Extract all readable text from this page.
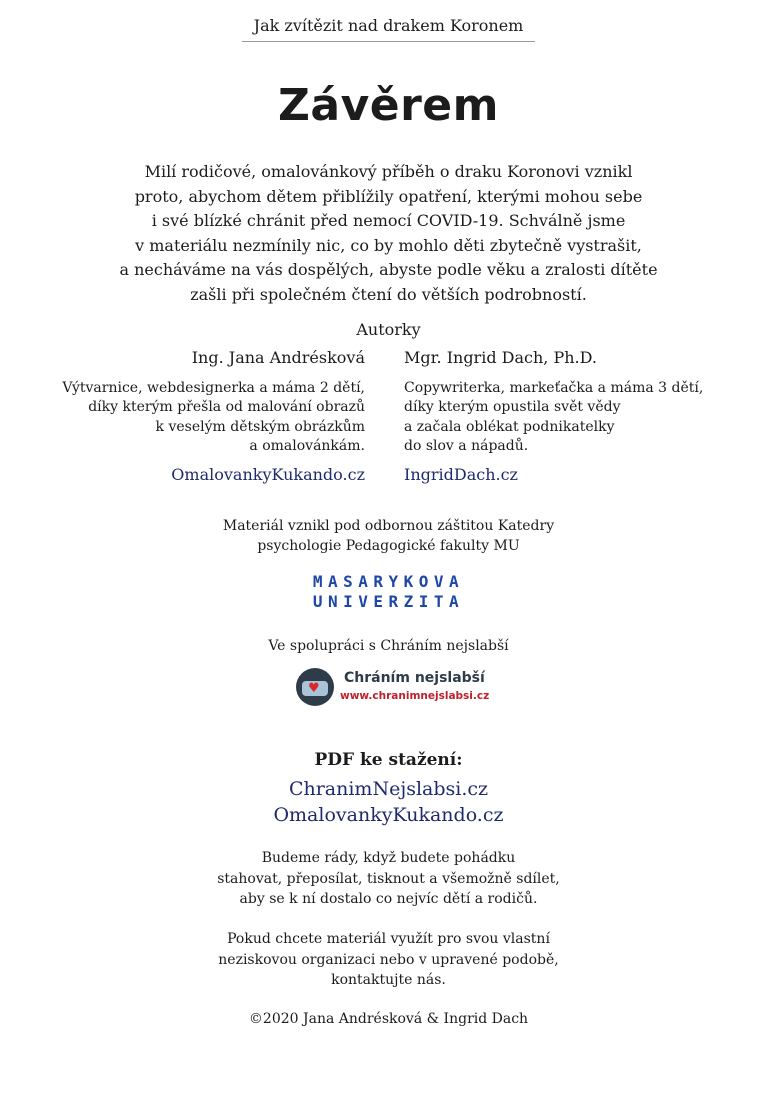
Jak zvítězit nad drakem Koronem
Závěrem

Milí rodičové, omalovánkový příběh o draku Koronovi vznikl

proto, abychom dětem přiblížily opatření, kterými mohou sebe

i své blízké chránit před nemocí COVID-19. Schválně jsme

v materiálu nezmínily nic, co by mohlo děti zbytečně vystrašit,

a necháváme na vás dospělých, abyste podle věku a zralosti dítěte

zašli při společném čtení do větších podrobností.

Autorky
Ing. Jana Andrésková

Výtvarnice, webdesignerka a máma 2 dětí,

díky kterým přešla od malování obrazů

k veselým dětským obrázkům

a omalovánkám.

OmalovankyKukando.cz
Mgr. Ingrid Dach, Ph.D.

Copywriterka, markeťačka a máma 3 dětí,

díky kterým opustila svět vědy

a začala oblékat podnikatelky

do slov a nápadů.

IngridDach.cz

Materiál vznikl pod odbornou záštitou Katedry

psychologie Pedagogické fakulty MU

MASARYKOVA
UNIVERZITA
Ve spolupráci s Chráním nejslabší
♥
Chráním nejslabší
www.chranimnejslabsi.cz
PDF ke stažení:
ChranimNejslabsi.cz
OmalovankyKukando.cz

Budeme rády, když budete pohádku

stahovat, přeposílat, tisknout a všemožně sdílet,

aby se k ní dostalo co nejvíc dětí a rodičů.

Pokud chcete materiál využít pro svou vlastní

neziskovou organizaci nebo v upravené podobě,

kontaktujte nás.

©2020 Jana Andrésková & Ingrid Dach
